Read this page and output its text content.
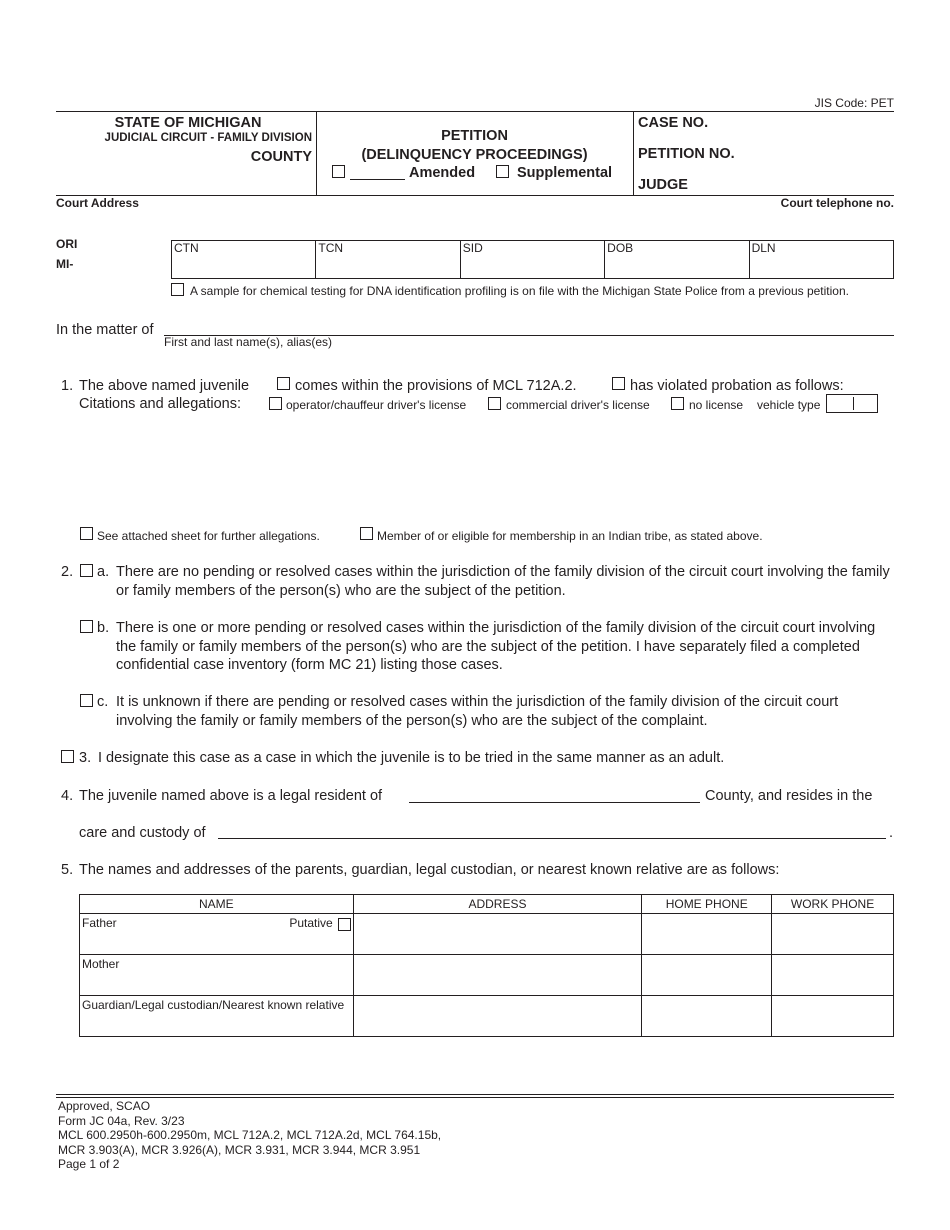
JIS Code: PET
STATE OF MICHIGAN
JUDICIAL CIRCUIT - FAMILY DIVISION
COUNTY
PETITION
(DELINQUENCY PROCEEDINGS)
Amended	Supplemental
CASE NO.
PETITION NO.
JUDGE
Court Address	Court telephone no.
ORI
MI-
CTN	TCN	SID	DOB	DLN
A sample for chemical testing for DNA identification profiling is on file with the Michigan State Police from a previous petition.
In the matter of
First and last name(s), alias(es)
1. The above named juvenile	comes within the provisions of MCL 712A.2.	has violated probation as follows:
Citations and allegations:	operator/chauffeur driver's license	commercial driver's license	no license vehicle type
See attached sheet for further allegations.	Member of or eligible for membership in an Indian tribe, as stated above.
2. a. There are no pending or resolved cases within the jurisdiction of the family division of the circuit court involving the family or family members of the person(s) who are the subject of the petition.
b. There is one or more pending or resolved cases within the jurisdiction of the family division of the circuit court involving the family or family members of the person(s) who are the subject of the petition. I have separately filed a completed confidential case inventory (form MC 21) listing those cases.
c. It is unknown if there are pending or resolved cases within the jurisdiction of the family division of the circuit court involving the family or family members of the person(s) who are the subject of the complaint.
3. I designate this case as a case in which the juvenile is to be tried in the same manner as an adult.
4. The juvenile named above is a legal resident of	County, and resides in the
care and custody of	.
5. The names and addresses of the parents, guardian, legal custodian, or nearest known relative are as follows:
NAME	ADDRESS	HOME PHONE	WORK PHONE
Father Putative			

Mother			
Guardian/Legal custodian/Nearest known relative			
Approved, SCAO
Form JC 04a, Rev. 3/23
MCL 600.2950h-600.2950m, MCL 712A.2, MCL 712A.2d, MCL 764.15b,
MCR 3.903(A), MCR 3.926(A), MCR 3.931, MCR 3.944, MCR 3.951
Page 1 of 2
